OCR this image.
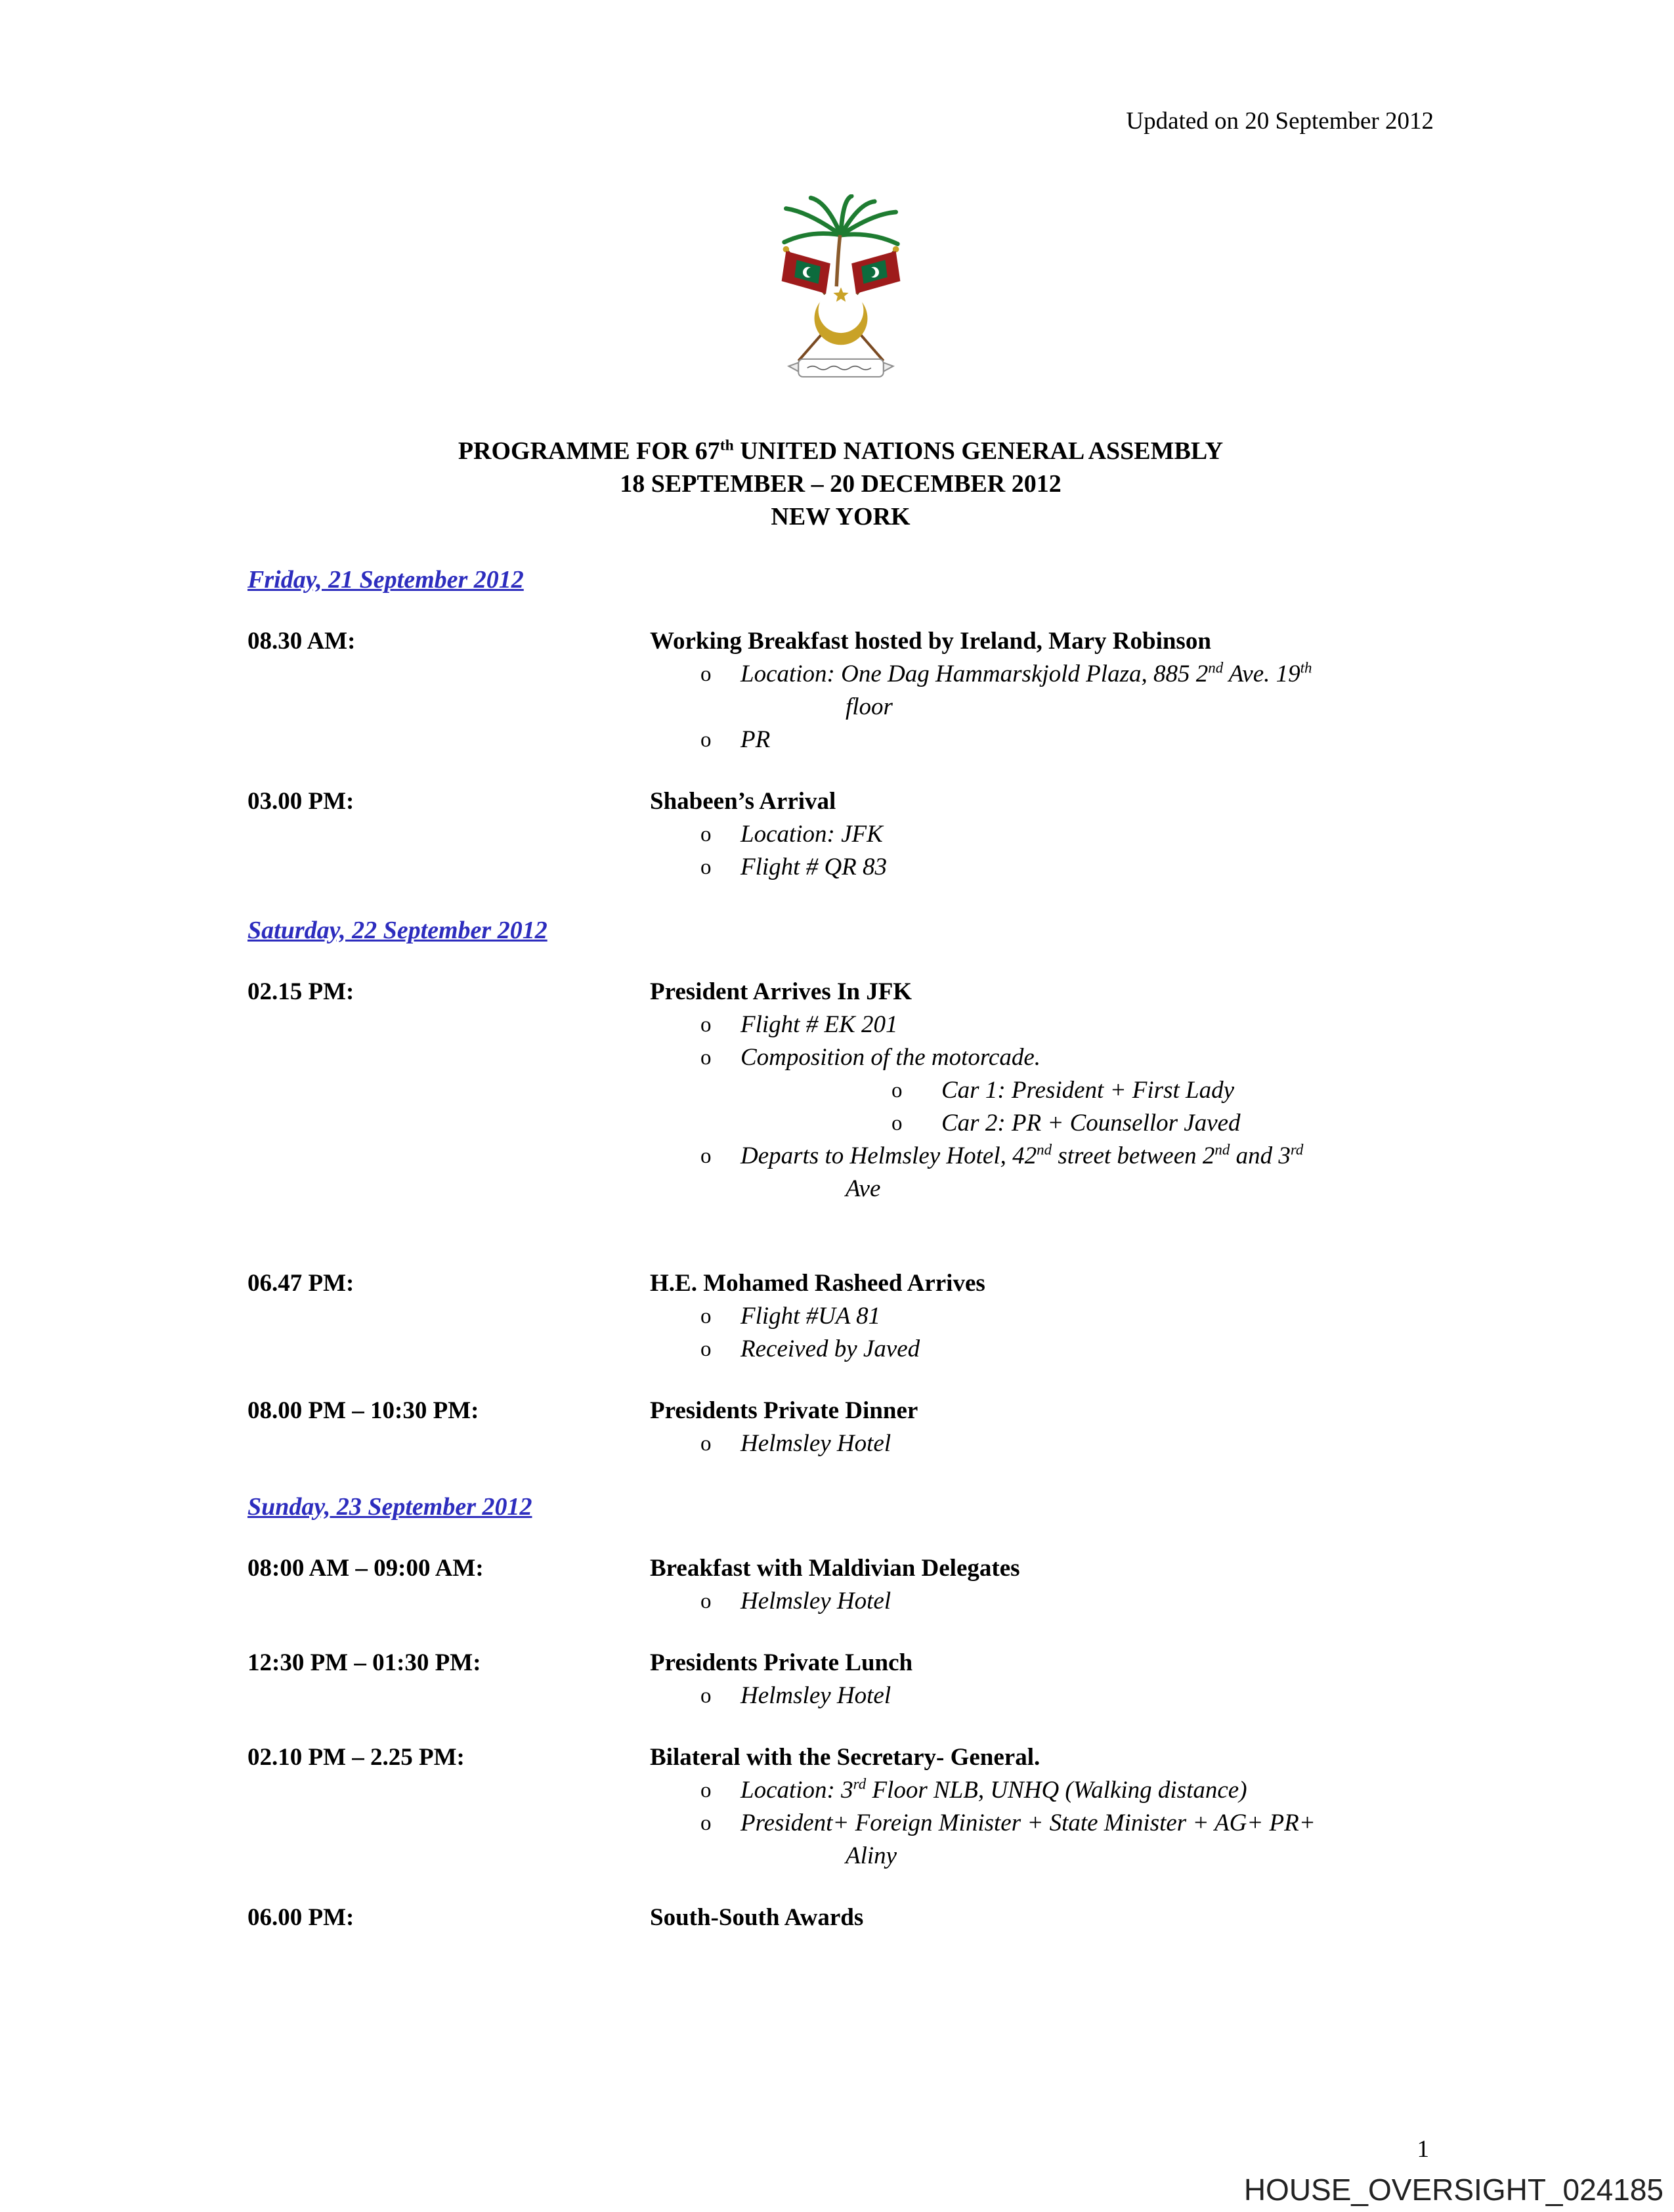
Updated on 20 September 2012
PROGRAMME FOR 67th UNITED NATIONS GENERAL ASSEMBLY
18 SEPTEMBER – 20 DECEMBER 2012
NEW YORK
Friday, 21 September 2012
08.30 AM:	Working Breakfast hosted by Ireland, Mary Robinson
o	Location: One Dag Hammarskjold Plaza, 885 2nd Ave. 19th
floor
o	PR
03.00 PM:	Shabeen’s Arrival
o	Location: JFK
o	Flight # QR 83
Saturday, 22 September 2012
02.15 PM:	President Arrives In JFK
o	Flight # EK 201
o	Composition of the motorcade.
o	Car 1: President + First Lady
o	Car 2: PR + Counsellor Javed
o	Departs to Helmsley Hotel, 42nd street between 2nd and 3rd
Ave
06.47 PM:	H.E. Mohamed Rasheed Arrives
o	Flight #UA 81
o	Received by Javed
08.00 PM – 10:30 PM:	Presidents Private Dinner
o	Helmsley Hotel
Sunday, 23 September 2012
08:00 AM – 09:00 AM:	Breakfast with Maldivian Delegates
o	Helmsley Hotel
12:30 PM – 01:30 PM:	Presidents Private Lunch
o	Helmsley Hotel
02.10 PM – 2.25 PM:	Bilateral with the Secretary- General.
o	Location: 3rd Floor NLB, UNHQ (Walking distance)
o	President+ Foreign Minister + State Minister + AG+ PR+
Aliny
06.00 PM:	South-South Awards
1
HOUSE_OVERSIGHT_024185
